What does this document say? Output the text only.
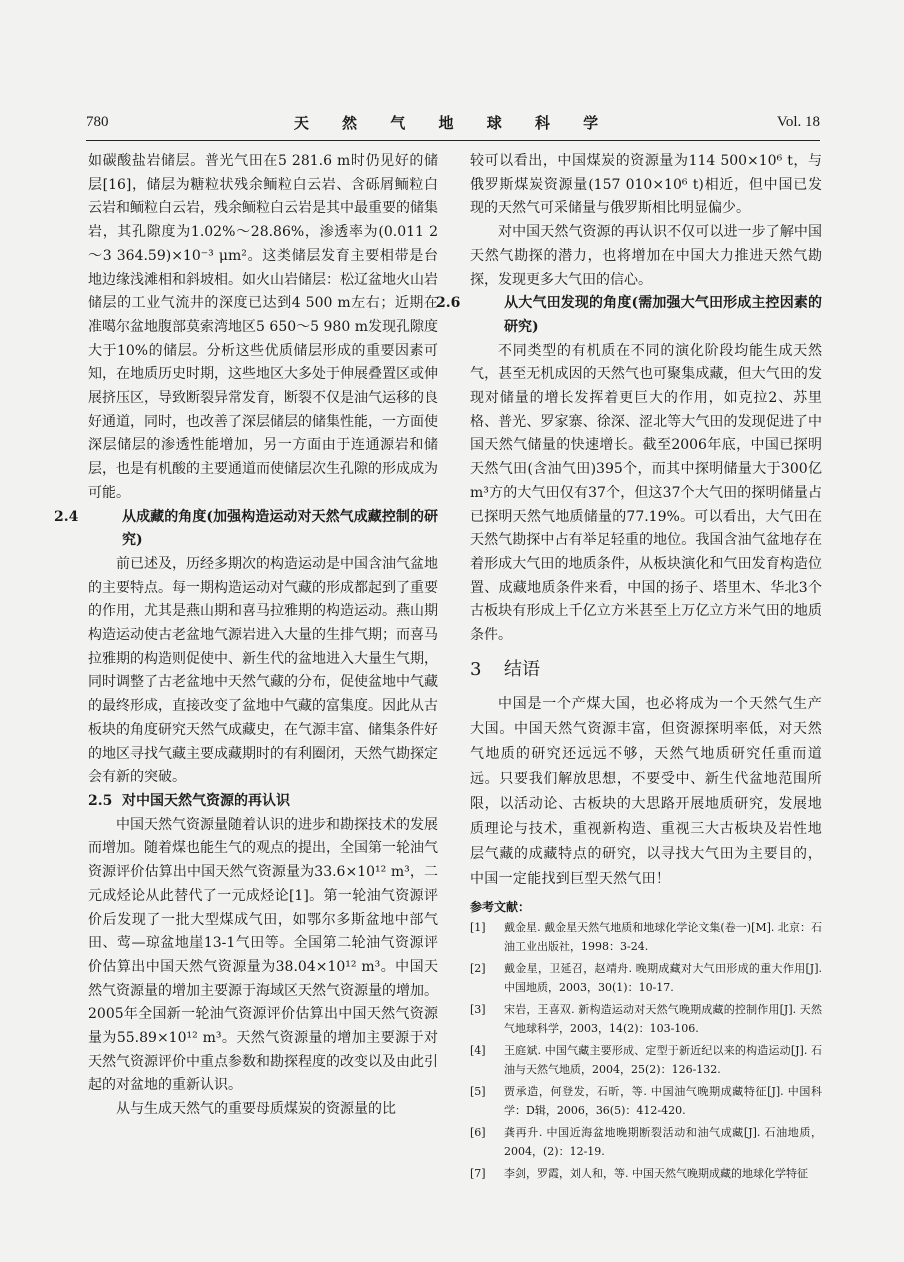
780	天 然 气 地 球 科 学	Vol. 18

如碳酸盐岩储层。普光气田在5 281.6 m时仍见好的储层[16]，储层为糖粒状残余鲕粒白云岩、含砾屑鲕粒白云岩和鲕粒白云岩，残余鲕粒白云岩是其中最重要的储集岩，其孔隙度为1.02%～28.86%，渗透率为(0.011 2～3 364.59)×10⁻³ μm²。这类储层发育主要相带是台地边缘浅滩相和斜坡相。如火山岩储层：松辽盆地火山岩储层的工业气流井的深度已达到4 500 m左右；近期在准噶尔盆地腹部莫索湾地区5 650～5 980 m发现孔隙度大于10%的储层。分析这些优质储层形成的重要因素可知，在地质历史时期，这些地区大多处于伸展叠置区或伸展挤压区，导致断裂异常发育，断裂不仅是油气运移的良好通道，同时，也改善了深层储层的储集性能，一方面使深层储层的渗透性能增加，另一方面由于连通源岩和储层，也是有机酸的主要通道而使储层次生孔隙的形成成为可能。

2.4	从成藏的角度(加强构造运动对天然气成藏控制的研究)

前已述及，历经多期次的构造运动是中国含油气盆地的主要特点。每一期构造运动对气藏的形成都起到了重要的作用，尤其是燕山期和喜马拉雅期的构造运动。燕山期构造运动使古老盆地气源岩进入大量的生排气期；而喜马拉雅期的构造则促使中、新生代的盆地进入大量生气期，同时调整了古老盆地中天然气藏的分布，促使盆地中气藏的最终形成，直接改变了盆地中气藏的富集度。因此从古板块的角度研究天然气成藏史，在气源丰富、储集条件好的地区寻找气藏主要成藏期时的有利圈闭，天然气勘探定会有新的突破。

2.5 对中国天然气资源的再认识

中国天然气资源量随着认识的进步和勘探技术的发展而增加。随着煤也能生气的观点的提出，全国第一轮油气资源评价估算出中国天然气资源量为33.6×10¹² m³，二元成烃论从此替代了一元成烃论[1]。第一轮油气资源评价后发现了一批大型煤成气田，如鄂尔多斯盆地中部气田、莺—琼盆地崖13-1气田等。全国第二轮油气资源评价估算出中国天然气资源量为38.04×10¹² m³。中国天然气资源量的增加主要源于海域区天然气资源量的增加。2005年全国新一轮油气资源评价估算出中国天然气资源量为55.89×10¹² m³。天然气资源量的增加主要源于对天然气资源评价中重点参数和勘探程度的改变以及由此引起的对盆地的重新认识。

从与生成天然气的重要母质煤炭的资源量的比

较可以看出，中国煤炭的资源量为114 500×10⁶ t，与俄罗斯煤炭资源量(157 010×10⁶ t)相近，但中国已发现的天然气可采储量与俄罗斯相比明显偏少。

对中国天然气资源的再认识不仅可以进一步了解中国天然气勘探的潜力，也将增加在中国大力推进天然气勘探，发现更多大气田的信心。

2.6	从大气田发现的角度(需加强大气田形成主控因素的研究)

不同类型的有机质在不同的演化阶段均能生成天然气，甚至无机成因的天然气也可聚集成藏，但大气田的发现对储量的增长发挥着更巨大的作用，如克拉2、苏里格、普光、罗家寨、徐深、涩北等大气田的发现促进了中国天然气储量的快速增长。截至2006年底，中国已探明天然气田(含油气田)395个，而其中探明储量大于300亿m³方的大气田仅有37个，但这37个大气田的探明储量占已探明天然气地质储量的77.19%。可以看出，大气田在天然气勘探中占有举足轻重的地位。我国含油气盆地存在着形成大气田的地质条件，从板块演化和气田发育构造位置、成藏地质条件来看，中国的扬子、塔里木、华北3个古板块有形成上千亿立方米甚至上万亿立方米气田的地质条件。

3 结语

中国是一个产煤大国，也必将成为一个天然气生产大国。中国天然气资源丰富，但资源探明率低，对天然气地质的研究还远远不够，天然气地质研究任重而道远。只要我们解放思想，不要受中、新生代盆地范围所限，以活动论、古板块的大思路开展地质研究，发展地质理论与技术，重视新构造、重视三大古板块及岩性地层气藏的成藏特点的研究，以寻找大气田为主要目的，中国一定能找到巨型天然气田！

参考文献：
[1] 戴金星. 戴金星天然气地质和地球化学论文集(卷一)[M]. 北京：石油工业出版社，1998：3-24.
[2] 戴金星，卫延召，赵靖舟. 晚期成藏对大气田形成的重大作用[J]. 中国地质，2003，30(1)：10-17.
[3] 宋岩，王喜双. 新构造运动对天然气晚期成藏的控制作用[J]. 天然气地球科学，2003，14(2)：103-106.
[4] 王庭斌. 中国气藏主要形成、定型于新近纪以来的构造运动[J]. 石油与天然气地质，2004，25(2)：126-132.
[5] 贾承造，何登发，石昕，等. 中国油气晚期成藏特征[J]. 中国科学：D辑，2006，36(5)：412-420.
[6] 龚再升. 中国近海盆地晚期断裂活动和油气成藏[J]. 石油地质，2004，(2)：12-19.
[7] 李剑，罗霞，刘人和，等. 中国天然气晚期成藏的地球化学特征
